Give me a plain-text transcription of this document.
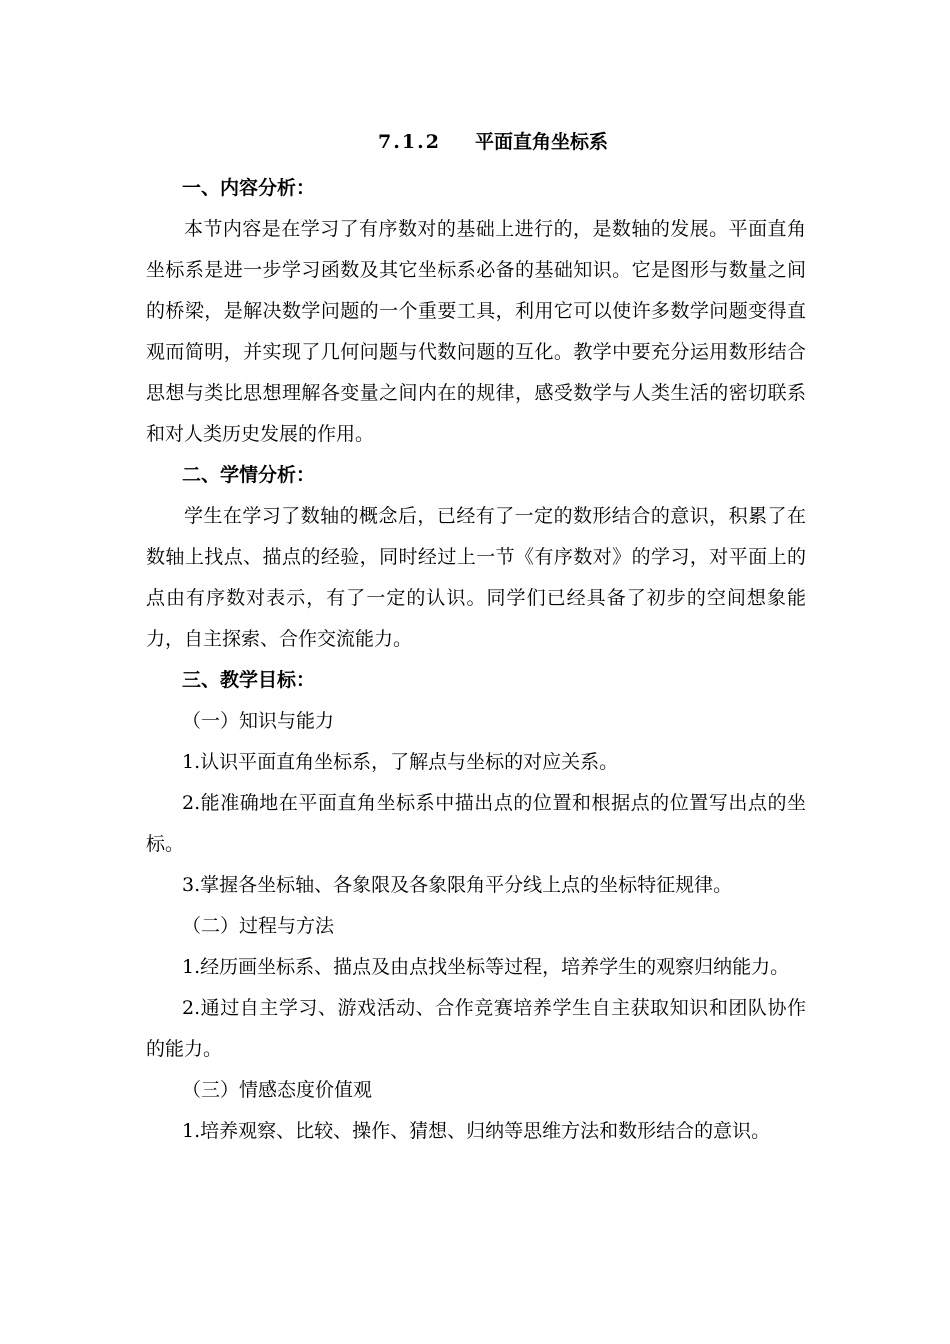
7.1.2 平面直角坐标系

一、内容分析：

本节内容是在学习了有序数对的基础上进行的，是数轴的发展。平面直角坐标系是进一步学习函数及其它坐标系必备的基础知识。它是图形与数量之间的桥梁，是解决数学问题的一个重要工具，利用它可以使许多数学问题变得直观而简明，并实现了几何问题与代数问题的互化。教学中要充分运用数形结合思想与类比思想理解各变量之间内在的规律，感受数学与人类生活的密切联系和对人类历史发展的作用。

二、学情分析：

学生在学习了数轴的概念后，已经有了一定的数形结合的意识，积累了在数轴上找点、描点的经验，同时经过上一节《有序数对》的学习，对平面上的点由有序数对表示，有了一定的认识。同学们已经具备了初步的空间想象能力，自主探索、合作交流能力。

三、教学目标：

（一）知识与能力

1.认识平面直角坐标系，了解点与坐标的对应关系。

2.能准确地在平面直角坐标系中描出点的位置和根据点的位置写出点的坐标。

3.掌握各坐标轴、各象限及各象限角平分线上点的坐标特征规律。

（二）过程与方法

1.经历画坐标系、描点及由点找坐标等过程，培养学生的观察归纳能力。

2.通过自主学习、游戏活动、合作竞赛培养学生自主获取知识和团队协作的能力。

（三）情感态度价值观

1.培养观察、比较、操作、猜想、归纳等思维方法和数形结合的意识。
